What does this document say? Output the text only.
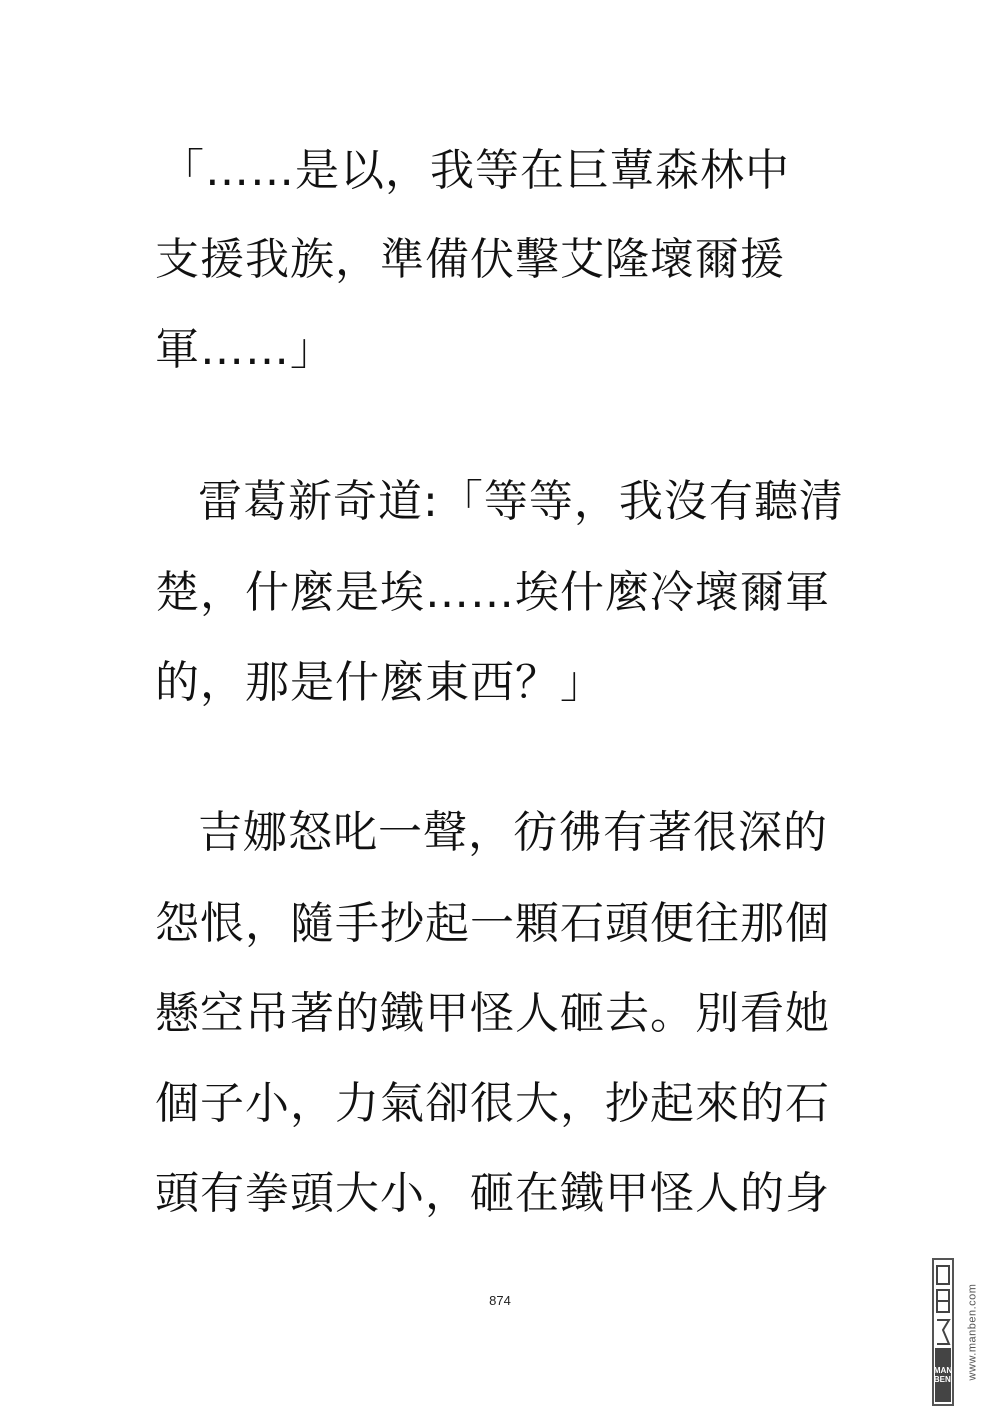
「……是以，我等在巨蕈森林中
支援我族，準備伏擊艾隆壞爾援
軍……」
雷葛新奇道:「等等，我沒有聽清
楚，什麼是埃……埃什麼冷壞爾軍
的，那是什麼東西？」
吉娜怒叱一聲，彷彿有著很深的
怨恨，隨手抄起一顆石頭便往那個
懸空吊著的鐵甲怪人砸去。別看她
個子小，力氣卻很大，抄起來的石
頭有拳頭大小，砸在鐵甲怪人的身
874
MAN BEN www.manben.com
